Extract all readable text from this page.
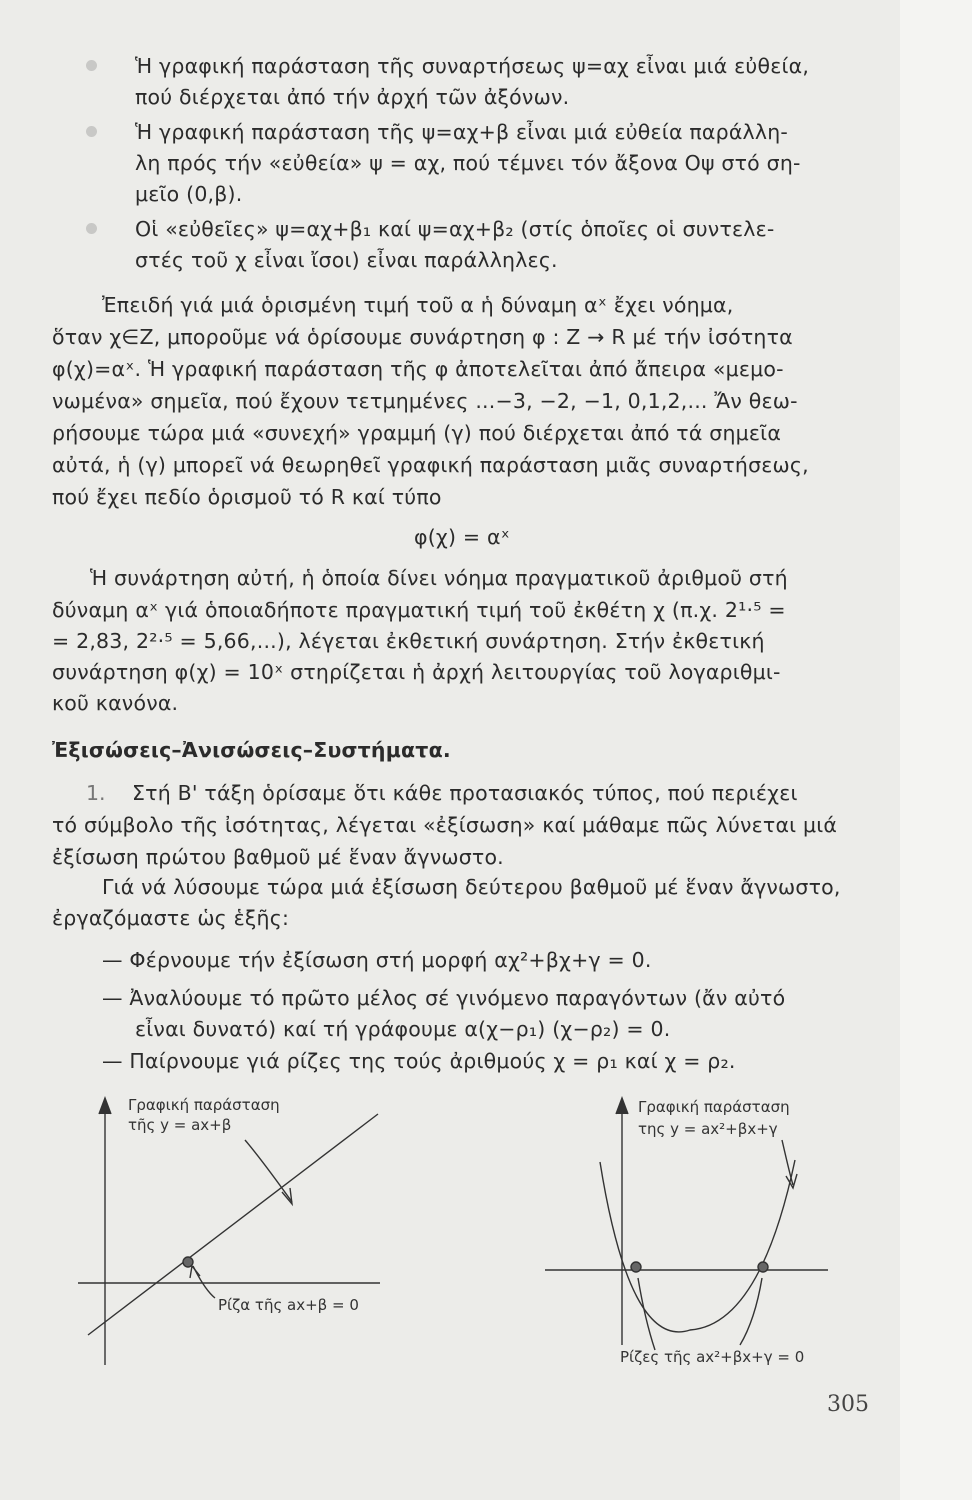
Ἡ γραφική παράσταση τῆς συναρτήσεως ψ=αχ εἶναι μιά εὐθεία,
πού διέρχεται ἀπό τήν ἀρχή τῶν ἀξόνων.
Ἡ γραφική παράσταση τῆς ψ=αχ+β εἶναι μιά εὐθεία παράλλη-
λη πρός τήν «εὐθεία» ψ = αχ, πού τέμνει τόν ἄξονα Οψ στό ση-
μεῖο (0,β).
Οἱ «εὐθεῖες» ψ=αχ+β₁ καί ψ=αχ+β₂ (στίς ὁποῖες οἱ συντελε-
στές τοῦ χ εἶναι ἴσοι) εἶναι παράλληλες.
Ἐπειδή γιά μιά ὁρισμένη τιμή τοῦ α ἡ δύναμη αˣ ἔχει νόημα,
ὅταν χ∈Ζ, μποροῦμε νά ὁρίσουμε συνάρτηση φ : Ζ → R μέ τήν ἰσότητα
φ(χ)=αˣ. Ἡ γραφική παράσταση τῆς φ ἀποτελεῖται ἀπό ἄπειρα «μεμο-
νωμένα» σημεῖα, πού ἔχουν τετμημένες ...−3, −2, −1, 0,1,2,... Ἄν θεω-
ρήσουμε τώρα μιά «συνεχή» γραμμή (γ) πού διέρχεται ἀπό τά σημεῖα
αὐτά, ἡ (γ) μπορεῖ νά θεωρηθεῖ γραφική παράσταση μιᾶς συναρτήσεως,
πού ἔχει πεδίο ὁρισμοῦ τό R καί τύπο
φ(χ) = αˣ
Ἡ συνάρτηση αὐτή, ἡ ὁποία δίνει νόημα πραγματικοῦ ἀριθμοῦ στή
δύναμη αˣ γιά ὁποιαδήποτε πραγματική τιμή τοῦ ἐκθέτη χ (π.χ. 2¹·⁵ =
= 2,83, 2²·⁵ = 5,66,...), λέγεται ἐκθετική συνάρτηση. Στήν ἐκθετική
συνάρτηση φ(χ) = 10ˣ στηρίζεται ἡ ἀρχή λειτουργίας τοῦ λογαριθμι-
κοῦ κανόνα.
Ἐξισώσεις–Ἀνισώσεις–Συστήματα.
1. Στή Β' τάξη ὁρίσαμε ὅτι κάθε προτασιακός τύπος, πού περιέχει
τό σύμβολο τῆς ἰσότητας, λέγεται «ἐξίσωση» καί μάθαμε πῶς λύνεται μιά
ἐξίσωση πρώτου βαθμοῦ μέ ἕναν ἄγνωστο.
Γιά νά λύσουμε τώρα μιά ἐξίσωση δεύτερου βαθμοῦ μέ ἕναν ἄγνωστο,
ἐργαζόμαστε ὡς ἑξῆς:
— Φέρνουμε τήν ἐξίσωση στή μορφή αχ²+βχ+γ = 0.
— Ἀναλύουμε τό πρῶτο μέλος σέ γινόμενο παραγόντων (ἄν αὐτό
εἶναι δυνατό) καί τή γράφουμε α(χ−ρ₁) (χ−ρ₂) = 0.
— Παίρνουμε γιά ρίζες της τούς ἀριθμούς χ = ρ₁ καί χ = ρ₂.
Γραφική παράσταση
τῆς y = ax+β
Ρίζα τῆς ax+β = 0
Γραφική παράσταση
της y = ax²+βx+γ
Ρίζες τῆς ax²+βx+γ = 0
305
